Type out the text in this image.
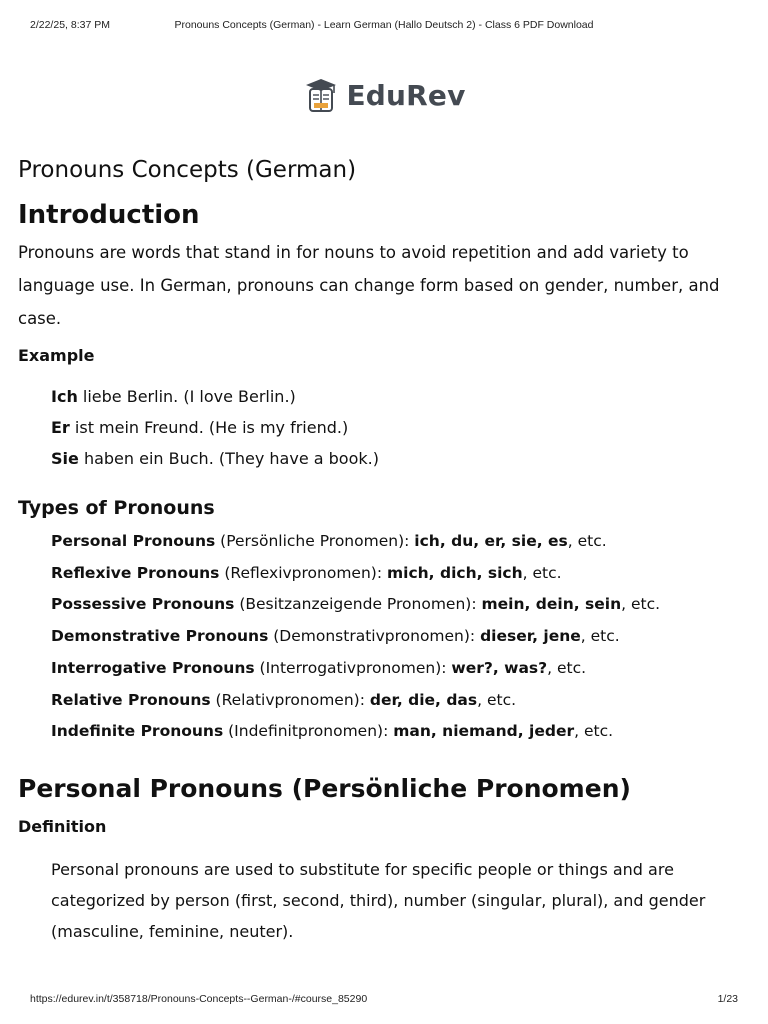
2/22/25, 8:37 PM	Pronouns Concepts (German) - Learn German (Hallo Deutsch 2) - Class 6 PDF Download
EduRev
Pronouns Concepts (German)
Introduction

Pronouns are words that stand in for nouns to avoid repetition and add variety to language use. In German, pronouns can change form based on gender, number, and case.

Example
Ich liebe Berlin. (I love Berlin.)
Er ist mein Freund. (He is my friend.)
Sie haben ein Buch. (They have a book.)
Types of Pronouns
Personal Pronouns (Persönliche Pronomen): ich, du, er, sie, es, etc.
Reflexive Pronouns (Reflexivpronomen): mich, dich, sich, etc.
Possessive Pronouns (Besitzanzeigende Pronomen): mein, dein, sein, etc.
Demonstrative Pronouns (Demonstrativpronomen): dieser, jene, etc.
Interrogative Pronouns (Interrogativpronomen): wer?, was?, etc.
Relative Pronouns (Relativpronomen): der, die, das, etc.
Indefinite Pronouns (Indefinitpronomen): man, niemand, jeder, etc.
Personal Pronouns (Persönliche Pronomen)
Definition

Personal pronouns are used to substitute for specific people or things and are categorized by person (first, second, third), number (singular, plural), and gender (masculine, feminine, neuter).

https://edurev.in/t/358718/Pronouns-Concepts--German-/#course_85290	1/23
